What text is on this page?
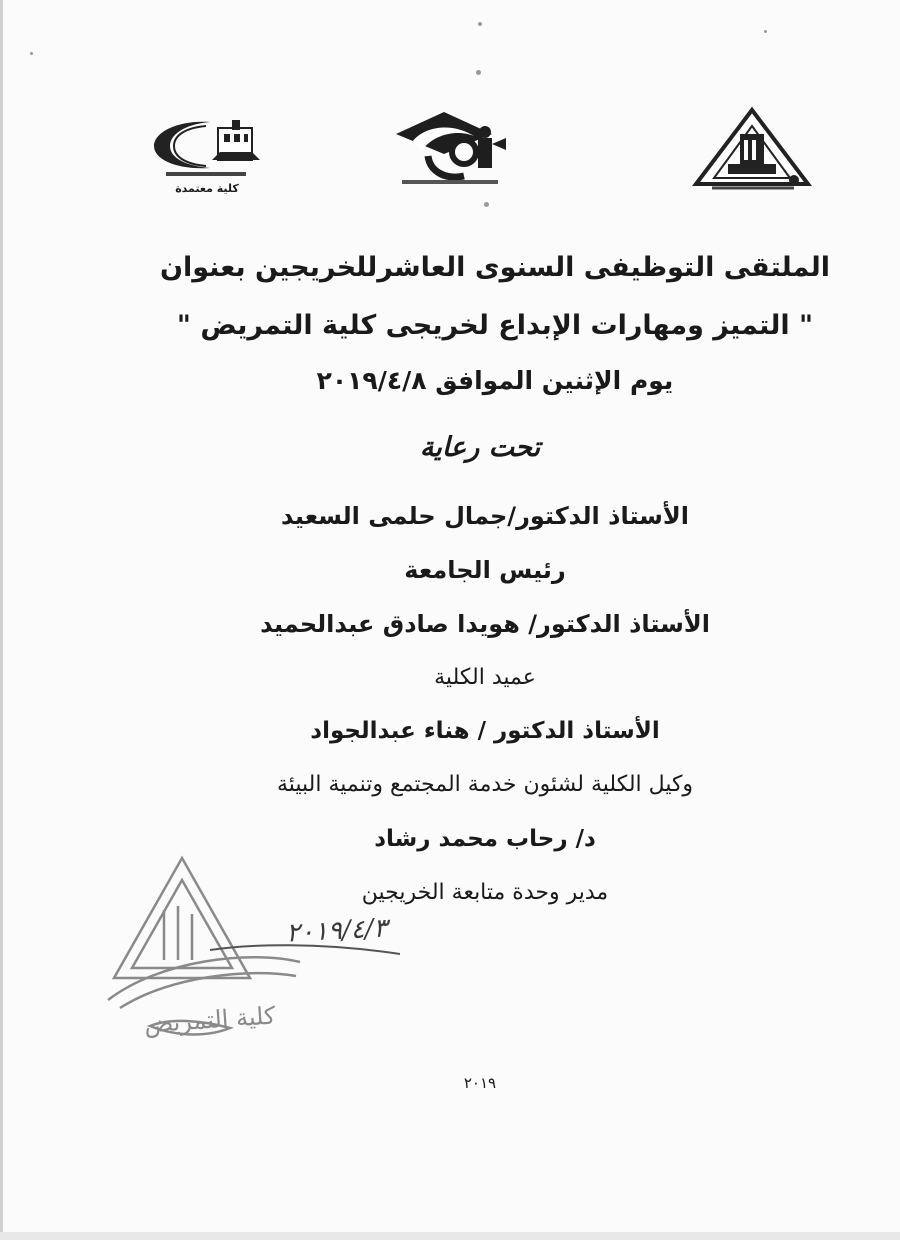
كلية معتمدة
الملتقى التوظيفى السنوى العاشرللخريجين بعنوان
" التميز ومهارات الإبداع لخريجى كلية التمريض "
يوم الإثنين الموافق ٢٠١٩/٤/٨
تحت رعاية
الأستاذ الدكتور/جمال حلمى السعيد
رئيس الجامعة
الأستاذ الدكتور/ هويدا صادق عبدالحميد
عميد الكلية
الأستاذ الدكتور / هناء عبدالجواد
وكيل الكلية لشئون خدمة المجتمع وتنمية البيئة
د/ رحاب محمد رشاد
مدير وحدة متابعة الخريجين
٢٠١٩/٤/٣
كلية التمريض
٢٠١٩
